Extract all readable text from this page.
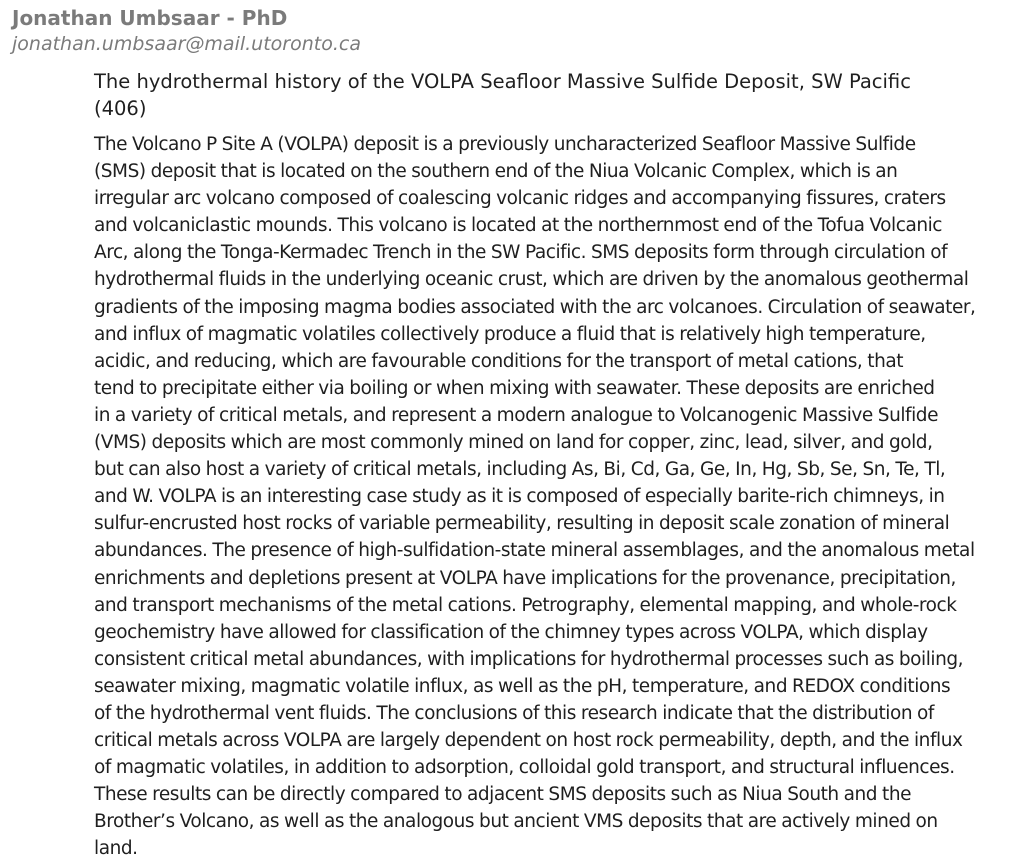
Jonathan Umbsaar - PhD

jonathan.umbsaar@mail.utoronto.ca

The hydrothermal history of the VOLPA Seafloor Massive Sulfide Deposit, SW Pacific

(406)

The Volcano P Site A (VOLPA) deposit is a previously uncharacterized Seafloor Massive Sulfide
(SMS) deposit that is located on the southern end of the Niua Volcanic Complex, which is an
irregular arc volcano composed of coalescing volcanic ridges and accompanying fissures, craters
and volcaniclastic mounds. This volcano is located at the northernmost end of the Tofua Volcanic
Arc, along the Tonga-Kermadec Trench in the SW Pacific. SMS deposits form through circulation of
hydrothermal fluids in the underlying oceanic crust, which are driven by the anomalous geothermal
gradients of the imposing magma bodies associated with the arc volcanoes. Circulation of seawater,
and influx of magmatic volatiles collectively produce a fluid that is relatively high temperature,
acidic, and reducing, which are favourable conditions for the transport of metal cations, that
tend to precipitate either via boiling or when mixing with seawater. These deposits are enriched
in a variety of critical metals, and represent a modern analogue to Volcanogenic Massive Sulfide
(VMS) deposits which are most commonly mined on land for copper, zinc, lead, silver, and gold,
but can also host a variety of critical metals, including As, Bi, Cd, Ga, Ge, In, Hg, Sb, Se, Sn, Te, Tl,
and W. VOLPA is an interesting case study as it is composed of especially barite-rich chimneys, in
sulfur-encrusted host rocks of variable permeability, resulting in deposit scale zonation of mineral
abundances. The presence of high-sulfidation-state mineral assemblages, and the anomalous metal
enrichments and depletions present at VOLPA have implications for the provenance, precipitation,
and transport mechanisms of the metal cations. Petrography, elemental mapping, and whole-rock
geochemistry have allowed for classification of the chimney types across VOLPA, which display
consistent critical metal abundances, with implications for hydrothermal processes such as boiling,
seawater mixing, magmatic volatile influx, as well as the pH, temperature, and REDOX conditions
of the hydrothermal vent fluids. The conclusions of this research indicate that the distribution of
critical metals across VOLPA are largely dependent on host rock permeability, depth, and the influx
of magmatic volatiles, in addition to adsorption, colloidal gold transport, and structural influences.
These results can be directly compared to adjacent SMS deposits such as Niua South and the
Brother’s Volcano, as well as the analogous but ancient VMS deposits that are actively mined on
land.
